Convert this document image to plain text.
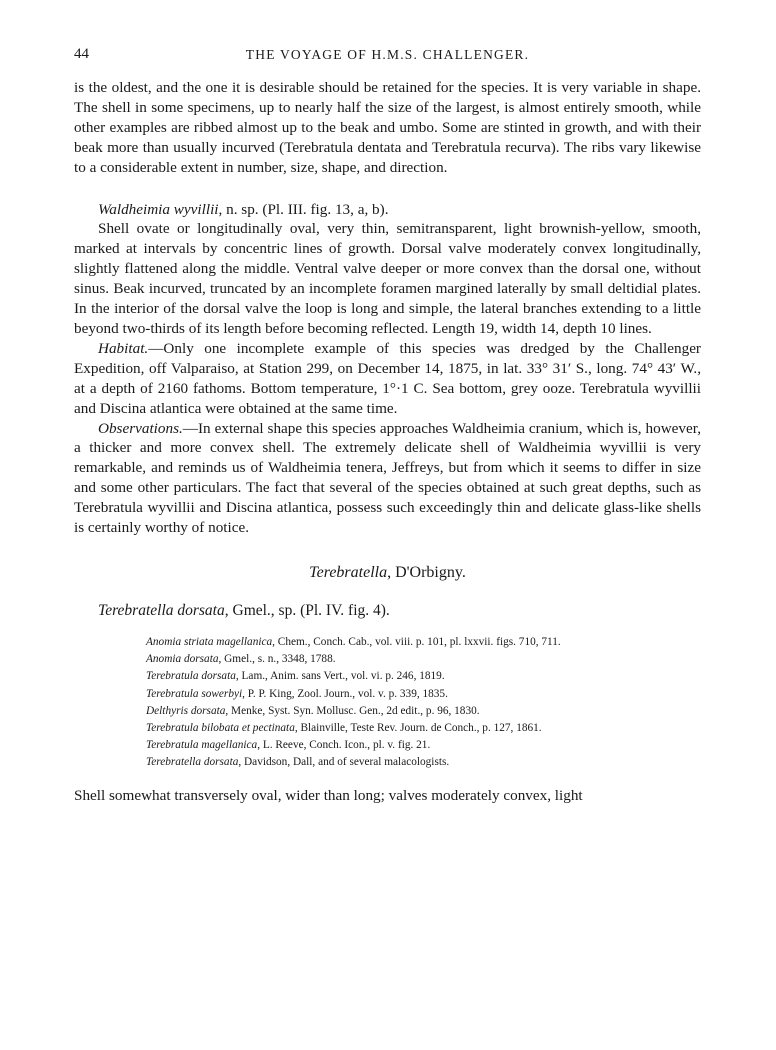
44	THE VOYAGE OF H.M.S. CHALLENGER.

is the oldest, and the one it is desirable should be retained for the species. It is very variable in shape. The shell in some specimens, up to nearly half the size of the largest, is almost entirely smooth, while other examples are ribbed almost up to the beak and umbo. Some are stinted in growth, and with their beak more than usually incurved (Terebratula dentata and Terebratula recurva). The ribs vary likewise to a considerable extent in number, size, shape, and direction.

Waldheimia wyvillii, n. sp. (Pl. III. fig. 13, a, b).

Shell ovate or longitudinally oval, very thin, semitransparent, light brownish-yellow, smooth, marked at intervals by concentric lines of growth. Dorsal valve moderately convex longitudinally, slightly flattened along the middle. Ventral valve deeper or more convex than the dorsal one, without sinus. Beak incurved, truncated by an incomplete foramen margined laterally by small deltidial plates. In the interior of the dorsal valve the loop is long and simple, the lateral branches extending to a little beyond two-thirds of its length before becoming reflected. Length 19, width 14, depth 10 lines.

Habitat.—Only one incomplete example of this species was dredged by the Challenger Expedition, off Valparaiso, at Station 299, on December 14, 1875, in lat. 33° 31′ S., long. 74° 43′ W., at a depth of 2160 fathoms. Bottom temperature, 1°·1 C. Sea bottom, grey ooze. Terebratula wyvillii and Discina atlantica were obtained at the same time.

Observations.—In external shape this species approaches Waldheimia cranium, which is, however, a thicker and more convex shell. The extremely delicate shell of Waldheimia wyvillii is very remarkable, and reminds us of Waldheimia tenera, Jeffreys, but from which it seems to differ in size and some other particulars. The fact that several of the species obtained at such great depths, such as Terebratula wyvillii and Discina atlantica, possess such exceedingly thin and delicate glass-like shells is certainly worthy of notice.

Terebratella, D'Orbigny.
Terebratella dorsata, Gmel., sp. (Pl. IV. fig. 4).
Anomia striata magellanica, Chem., Conch. Cab., vol. viii. p. 101, pl. lxxvii. figs. 710, 711.
Anomia dorsata, Gmel., s. n., 3348, 1788.
Terebratula dorsata, Lam., Anim. sans Vert., vol. vi. p. 246, 1819.
Terebratula sowerbyi, P. P. King, Zool. Journ., vol. v. p. 339, 1835.
Delthyris dorsata, Menke, Syst. Syn. Mollusc. Gen., 2d edit., p. 96, 1830.
Terebratula bilobata et pectinata, Blainville, Teste Rev. Journ. de Conch., p. 127, 1861.
Terebratula magellanica, L. Reeve, Conch. Icon., pl. v. fig. 21.
Terebratella dorsata, Davidson, Dall, and of several malacologists.

Shell somewhat transversely oval, wider than long; valves moderately convex, light
